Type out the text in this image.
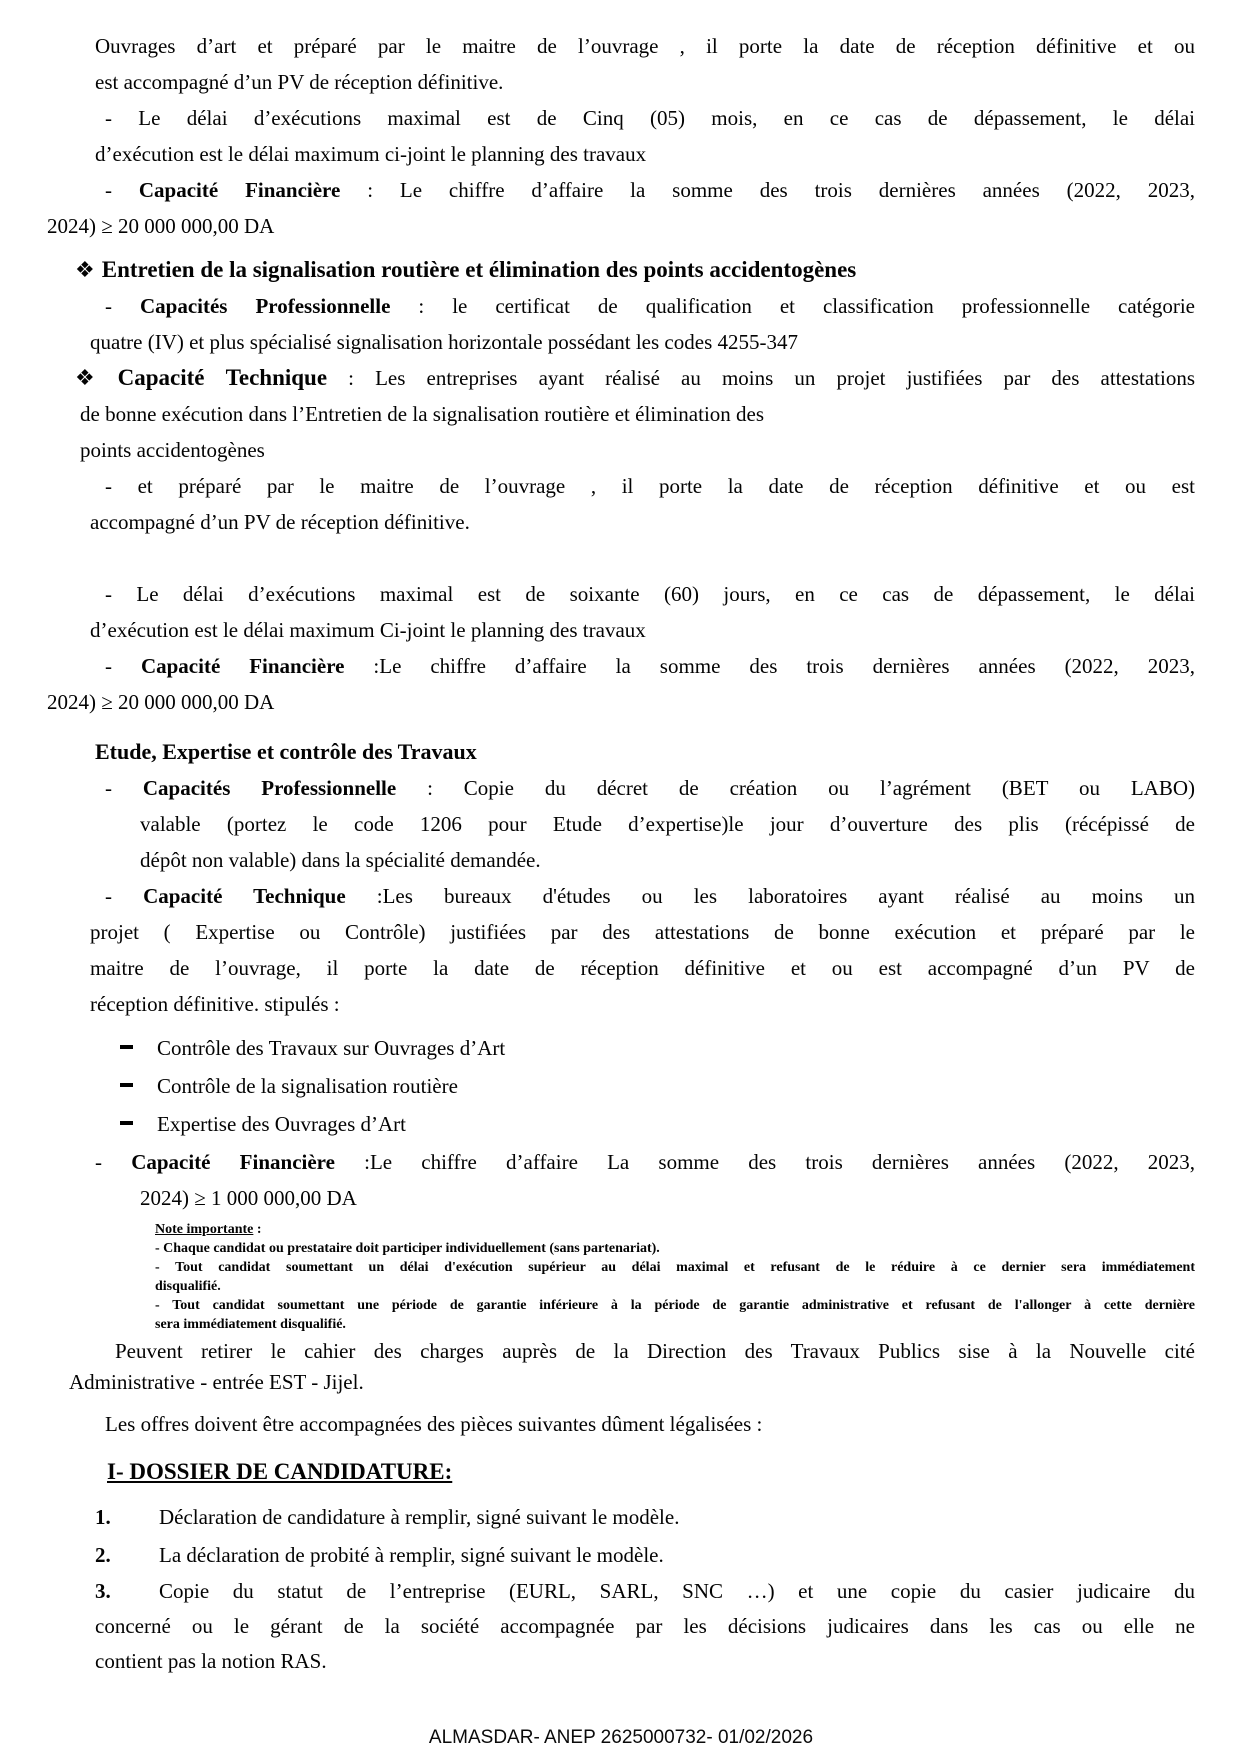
Ouvrages d’art et préparé par le maitre de l’ouvrage , il porte la date de réception définitive et ou
est accompagné d’un PV de réception définitive.
- Le délai d’exécutions maximal est de Cinq (05) mois, en ce cas de dépassement, le délai
d’exécution est le délai maximum ci-joint le planning des travaux
- Capacité Financière : Le chiffre d’affaire la somme des trois dernières années (2022, 2023,
2024) ≥ 20 000 000,00 DA
❖ Entretien de la signalisation routière et élimination des points accidentogènes
- Capacités Professionnelle : le certificat de qualification et classification professionnelle catégorie
quatre (IV) et plus spécialisé signalisation horizontale possédant les codes 4255-347
❖ Capacité Technique : Les entreprises ayant réalisé au moins un projet justifiées par des attestations
de bonne exécution dans l’Entretien de la signalisation routière et élimination des
points accidentogènes
- et préparé par le maitre de l’ouvrage , il porte la date de réception définitive et ou est
accompagné d’un PV de réception définitive.
- Le délai d’exécutions maximal est de soixante (60) jours, en ce cas de dépassement, le délai
d’exécution est le délai maximum Ci-joint le planning des travaux
- Capacité Financière :Le chiffre d’affaire la somme des trois dernières années (2022, 2023,
2024) ≥ 20 000 000,00 DA
Etude, Expertise et contrôle des Travaux
- Capacités Professionnelle : Copie du décret de création ou l’agrément (BET ou LABO)
valable (portez le code 1206 pour Etude d’expertise)le jour d’ouverture des plis (récépissé de
dépôt non valable) dans la spécialité demandée.
- Capacité Technique :Les bureaux d'études ou les laboratoires ayant réalisé au moins un
projet ( Expertise ou Contrôle) justifiées par des attestations de bonne exécution et préparé par le
maitre de l’ouvrage, il porte la date de réception définitive et ou est accompagné d’un PV de
réception définitive. stipulés :
Contrôle des Travaux sur Ouvrages d’Art
Contrôle de la signalisation routière
Expertise des Ouvrages d’Art
- Capacité Financière :Le chiffre d’affaire La somme des trois dernières années (2022, 2023,
2024) ≥ 1 000 000,00 DA
Note importante :
- Chaque candidat ou prestataire doit participer individuellement (sans partenariat).
- Tout candidat soumettant un délai d'exécution supérieur au délai maximal et refusant de le réduire à ce dernier sera immédiatement
disqualifié.
- Tout candidat soumettant une période de garantie inférieure à la période de garantie administrative et refusant de l'allonger à cette dernière
sera immédiatement disqualifié.
Peuvent retirer le cahier des charges auprès de la Direction des Travaux Publics sise à la Nouvelle cité
Administrative - entrée EST - Jijel.
Les offres doivent être accompagnées des pièces suivantes dûment légalisées :
I- DOSSIER DE CANDIDATURE:
1. Déclaration de candidature à remplir, signé suivant le modèle.
2. La déclaration de probité à remplir, signé suivant le modèle.
3. Copie du statut de l’entreprise (EURL, SARL, SNC …) et une copie du casier judicaire du
concerné ou le gérant de la société accompagnée par les décisions judicaires dans les cas ou elle ne
contient pas la notion RAS.
ALMASDAR- ANEP 2625000732- 01/02/2026
